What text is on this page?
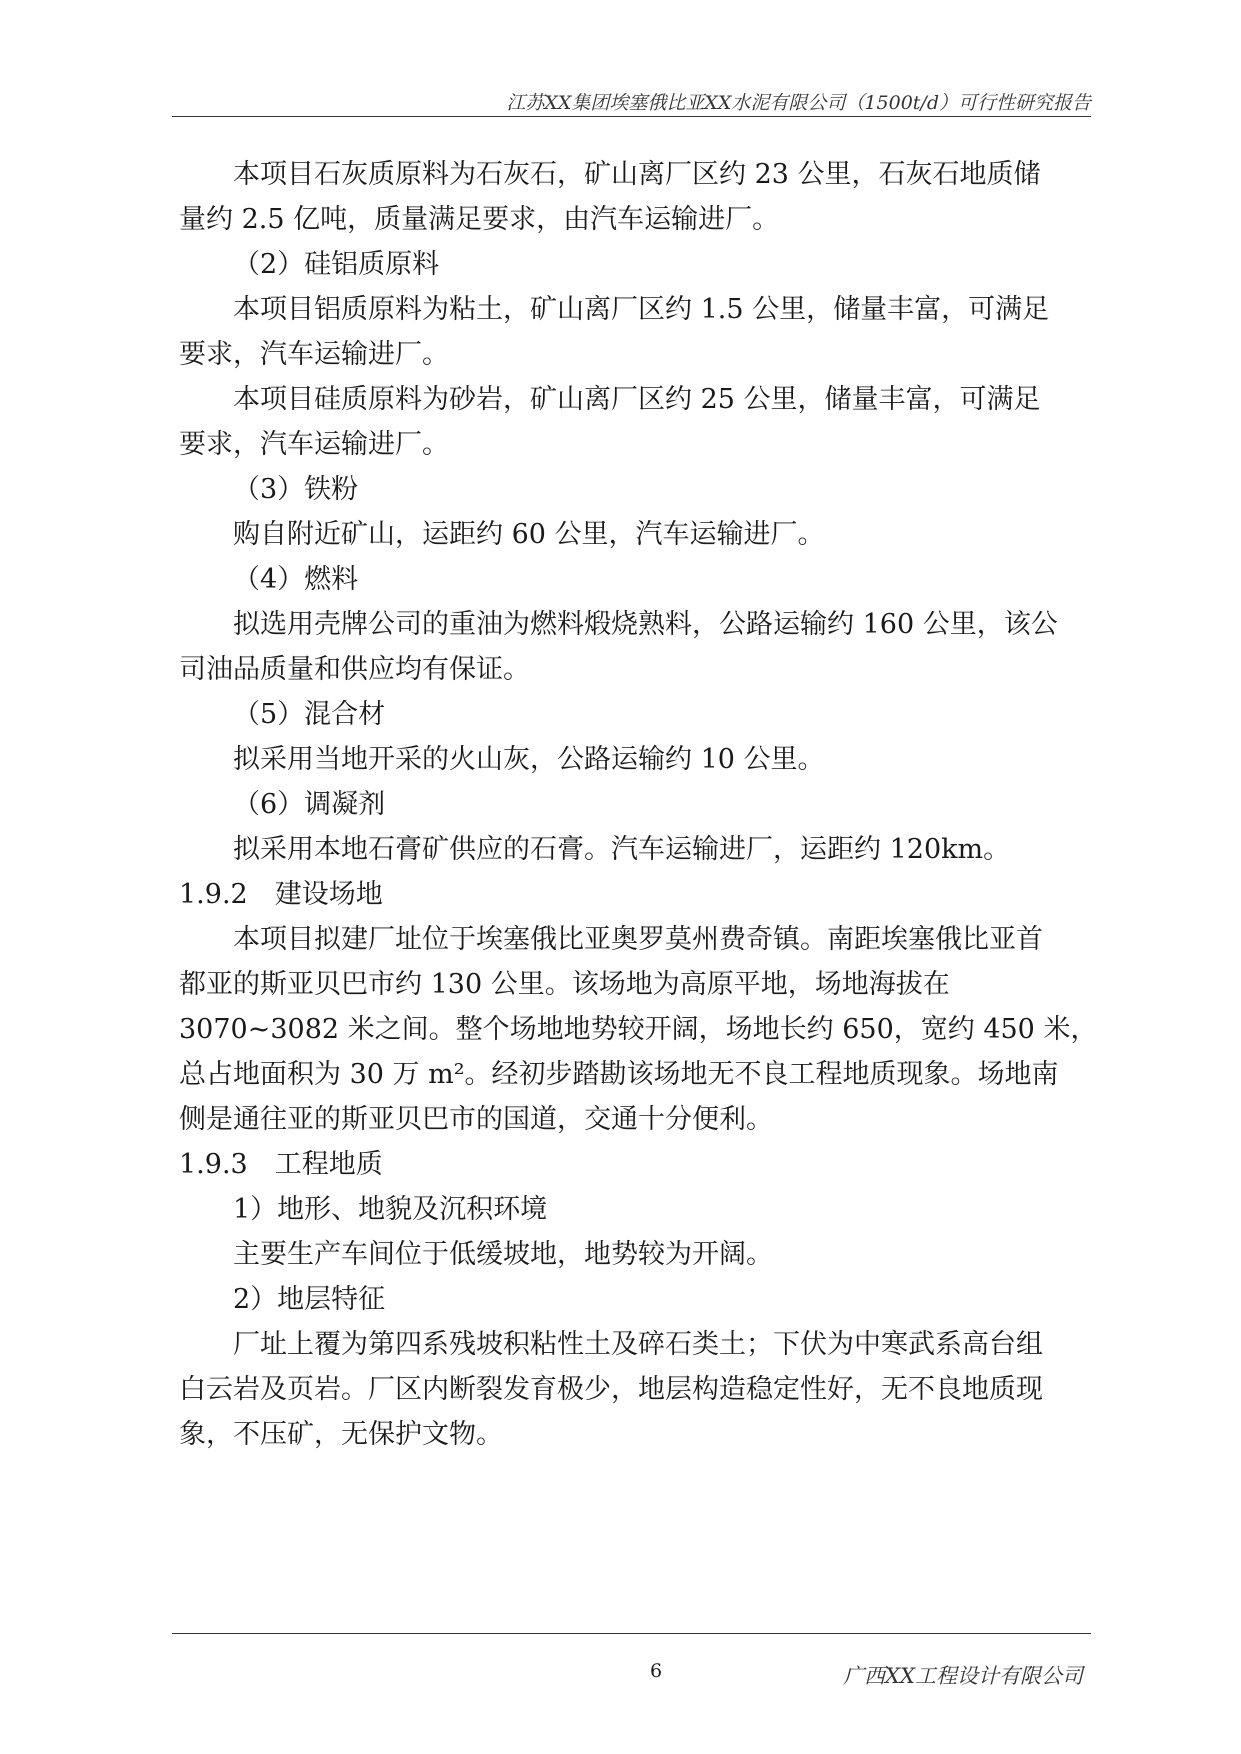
江苏XX集团埃塞俄比亚XX水泥有限公司（1500t/d）可行性研究报告
本项目石灰质原料为石灰石，矿山离厂区约 23 公里，石灰石地质储
量约 2.5 亿吨，质量满足要求，由汽车运输进厂。
（2）硅铝质原料
本项目铝质原料为粘土，矿山离厂区约 1.5 公里，储量丰富，可满足
要求，汽车运输进厂。
本项目硅质原料为砂岩，矿山离厂区约 25 公里，储量丰富，可满足
要求，汽车运输进厂。
（3）铁粉
购自附近矿山，运距约 60 公里，汽车运输进厂。
（4）燃料
拟选用壳牌公司的重油为燃料煅烧熟料，公路运输约 160 公里，该公
司油品质量和供应均有保证。
（5）混合材
拟采用当地开采的火山灰，公路运输约 10 公里。
（6）调凝剂
拟采用本地石膏矿供应的石膏。汽车运输进厂，运距约 120km。
1.9.2　建设场地
本项目拟建厂址位于埃塞俄比亚奥罗莫州费奇镇。南距埃塞俄比亚首
都亚的斯亚贝巴市约 130 公里。该场地为高原平地，场地海拔在
3070~3082 米之间。整个场地地势较开阔，场地长约 650，宽约 450 米，
总占地面积为 30 万 m²。经初步踏勘该场地无不良工程地质现象。场地南
侧是通往亚的斯亚贝巴市的国道，交通十分便利。
1.9.3　工程地质
1）地形、地貌及沉积环境
主要生产车间位于低缓坡地，地势较为开阔。
2）地层特征
厂址上覆为第四系残坡积粘性土及碎石类土；下伏为中寒武系高台组
白云岩及页岩。厂区内断裂发育极少，地层构造稳定性好，无不良地质现
象，不压矿，无保护文物。
6	广西XX工程设计有限公司
